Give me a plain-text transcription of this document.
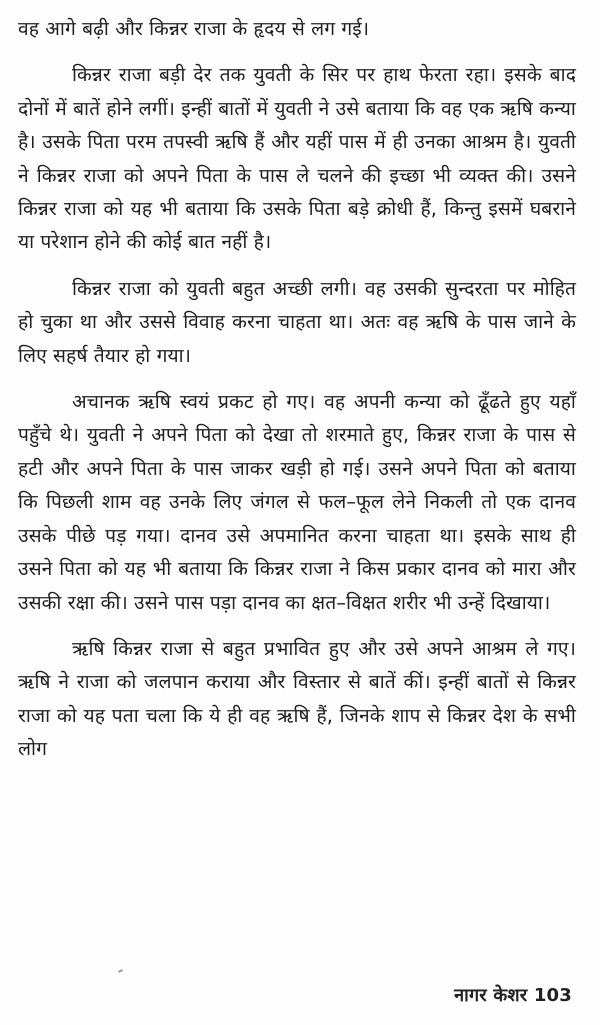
वह आगे बढ़ी और किन्नर राजा के हृदय से लग गई।

किन्नर राजा बड़ी देर तक युवती के सिर पर हाथ फेरता रहा। इसके बाद दोनों में बातें होने लगीं। इन्हीं बातों में युवती ने उसे बताया कि वह एक ऋषि कन्या है। उसके पिता परम तपस्वी ऋषि हैं और यहीं पास में ही उनका आश्रम है। युवती ने किन्नर राजा को अपने पिता के पास ले चलने की इच्छा भी व्यक्त की। उसने किन्नर राजा को यह भी बताया कि उसके पिता बड़े क्रोधी हैं, किन्तु इसमें घबराने या परेशान होने की कोई बात नहीं है।

किन्नर राजा को युवती बहुत अच्छी लगी। वह उसकी सुन्दरता पर मोहित हो चुका था और उससे विवाह करना चाहता था। अतः वह ऋषि के पास जाने के लिए सहर्ष तैयार हो गया।

अचानक ऋषि स्वयं प्रकट हो गए। वह अपनी कन्या को ढूँढते हुए यहाँ पहुँचे थे। युवती ने अपने पिता को देखा तो शरमाते हुए, किन्नर राजा के पास से हटी और अपने पिता के पास जाकर खड़ी हो गई। उसने अपने पिता को बताया कि पिछली शाम वह उनके लिए जंगल से फल–फूल लेने निकली तो एक दानव उसके पीछे पड़ गया। दानव उसे अपमानित करना चाहता था। इसके साथ ही उसने पिता को यह भी बताया कि किन्नर राजा ने किस प्रकार दानव को मारा और उसकी रक्षा की। उसने पास पड़ा दानव का क्षत–विक्षत शरीर भी उन्हें दिखाया।

ऋषि किन्नर राजा से बहुत प्रभावित हुए और उसे अपने आश्रम ले गए। ऋषि ने राजा को जलपान कराया और विस्तार से बातें कीं। इन्हीं बातों से किन्नर राजा को यह पता चला कि ये ही वह ऋषि हैं, जिनके शाप से किन्नर देश के सभी लोग

नागर केशर 103
